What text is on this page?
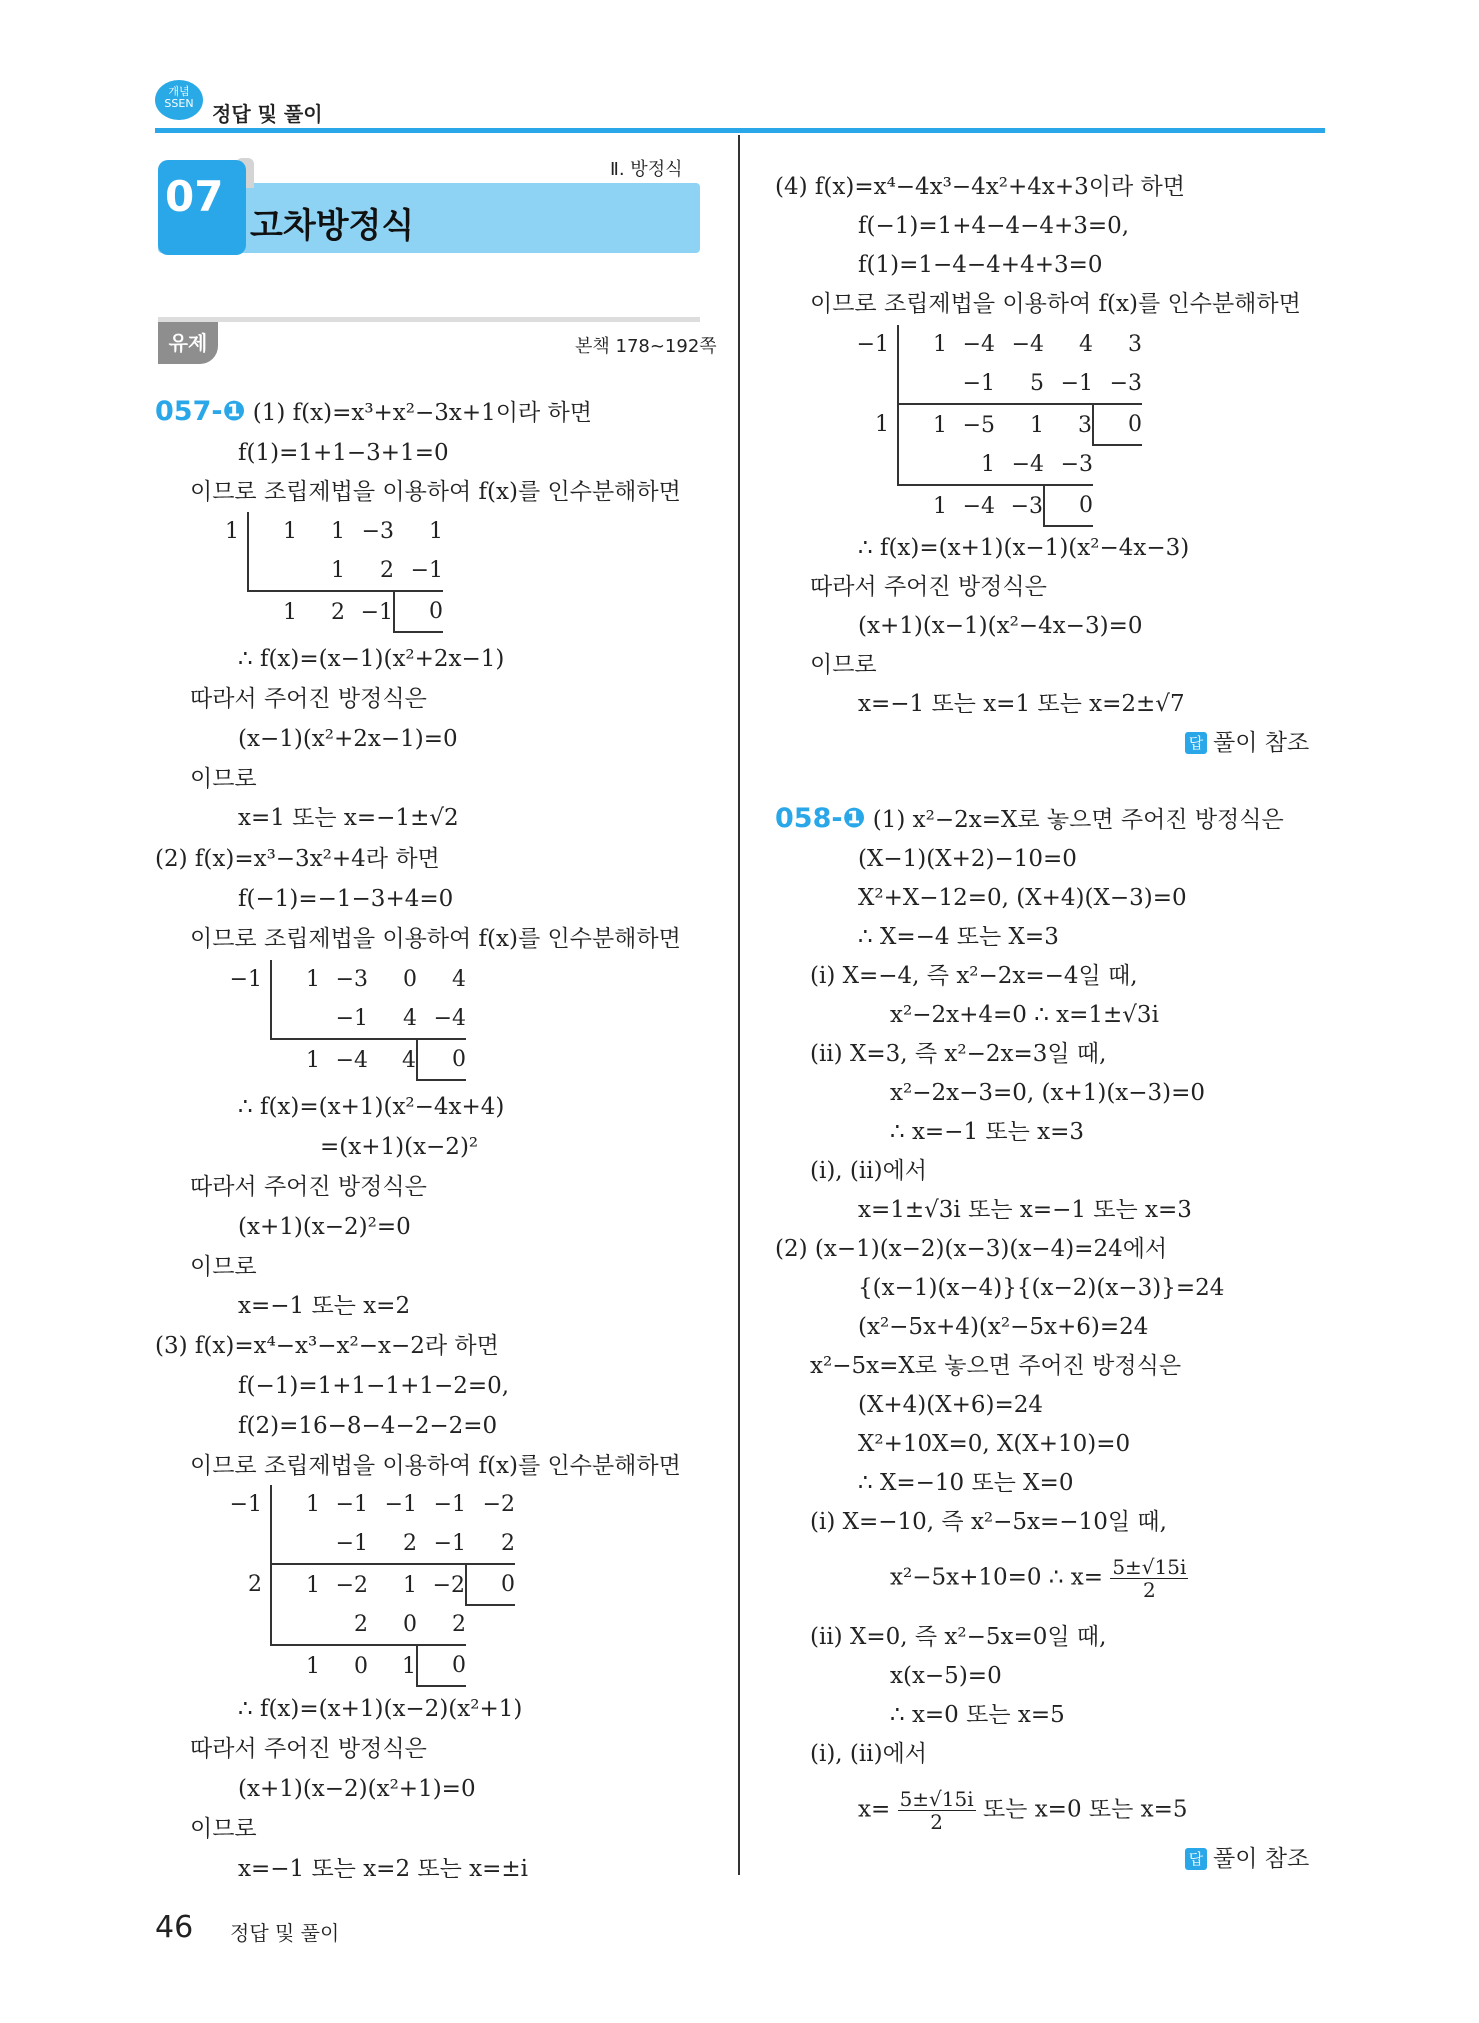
개념
SSEN 정답 및 풀이
07
고차방정식
Ⅱ. 방정식
유제	본책 178~192쪽
057-❶ (1) f(x)=x³+x²−3x+1이라 하면
f(1)=1+1−3+1=0
이므로 조립제법을 이용하여 f(x)를 인수분해하면
1	1	1	−3	1
		1	2	−1
	1	2	−1	0
∴ f(x)=(x−1)(x²+2x−1)
따라서 주어진 방정식은
(x−1)(x²+2x−1)=0
이므로
x=1 또는 x=−1±√2
(2) f(x)=x³−3x²+4라 하면
f(−1)=−1−3+4=0
이므로 조립제법을 이용하여 f(x)를 인수분해하면
−1	1	−3	0	4
		−1	4	−4
	1	−4	4	0
∴ f(x)=(x+1)(x²−4x+4)
=(x+1)(x−2)²
따라서 주어진 방정식은
(x+1)(x−2)²=0
이므로
x=−1 또는 x=2
(3) f(x)=x⁴−x³−x²−x−2라 하면
f(−1)=1+1−1+1−2=0,
f(2)=16−8−4−2−2=0
이므로 조립제법을 이용하여 f(x)를 인수분해하면
−1	1	−1	−1	−1	−2
		−1	2	−1	2
2	1	−2	1	−2	0
		2	0	2	
	1	0	1	0	
∴ f(x)=(x+1)(x−2)(x²+1)
따라서 주어진 방정식은
(x+1)(x−2)(x²+1)=0
이므로
x=−1 또는 x=2 또는 x=±i
(4) f(x)=x⁴−4x³−4x²+4x+3이라 하면
f(−1)=1+4−4−4+3=0,
f(1)=1−4−4+4+3=0
이므로 조립제법을 이용하여 f(x)를 인수분해하면
−1	1	−4	−4	4	3
		−1	5	−1	−3
1	1	−5	1	3	0
		1	−4	−3	
	1	−4	−3	0	
∴ f(x)=(x+1)(x−1)(x²−4x−3)
따라서 주어진 방정식은
(x+1)(x−1)(x²−4x−3)=0
이므로
x=−1 또는 x=1 또는 x=2±√7
답 풀이 참조
058-❶ (1) x²−2x=X로 놓으면 주어진 방정식은
(X−1)(X+2)−10=0
X²+X−12=0, (X+4)(X−3)=0
∴ X=−4 또는 X=3
(ⅰ) X=−4, 즉 x²−2x=−4일 때,
x²−2x+4=0 ∴ x=1±√3i
(ⅱ) X=3, 즉 x²−2x=3일 때,
x²−2x−3=0, (x+1)(x−3)=0
∴ x=−1 또는 x=3
(ⅰ), (ⅱ)에서
x=1±√3i 또는 x=−1 또는 x=3
(2) (x−1)(x−2)(x−3)(x−4)=24에서
{(x−1)(x−4)}{(x−2)(x−3)}=24
(x²−5x+4)(x²−5x+6)=24
x²−5x=X로 놓으면 주어진 방정식은
(X+4)(X+6)=24
X²+10X=0, X(X+10)=0
∴ X=−10 또는 X=0
(ⅰ) X=−10, 즉 x²−5x=−10일 때,
x²−5x+10=0 ∴ $x= \frac{5\pm√15i}{2}$
(ⅱ) X=0, 즉 x²−5x=0일 때,
x(x−5)=0
∴ x=0 또는 x=5
(ⅰ), (ⅱ)에서
$x= \frac{5\pm√15i}{2}$ 또는 x=0 또는 x=5
답 풀이 참조
46 정답 및 풀이
